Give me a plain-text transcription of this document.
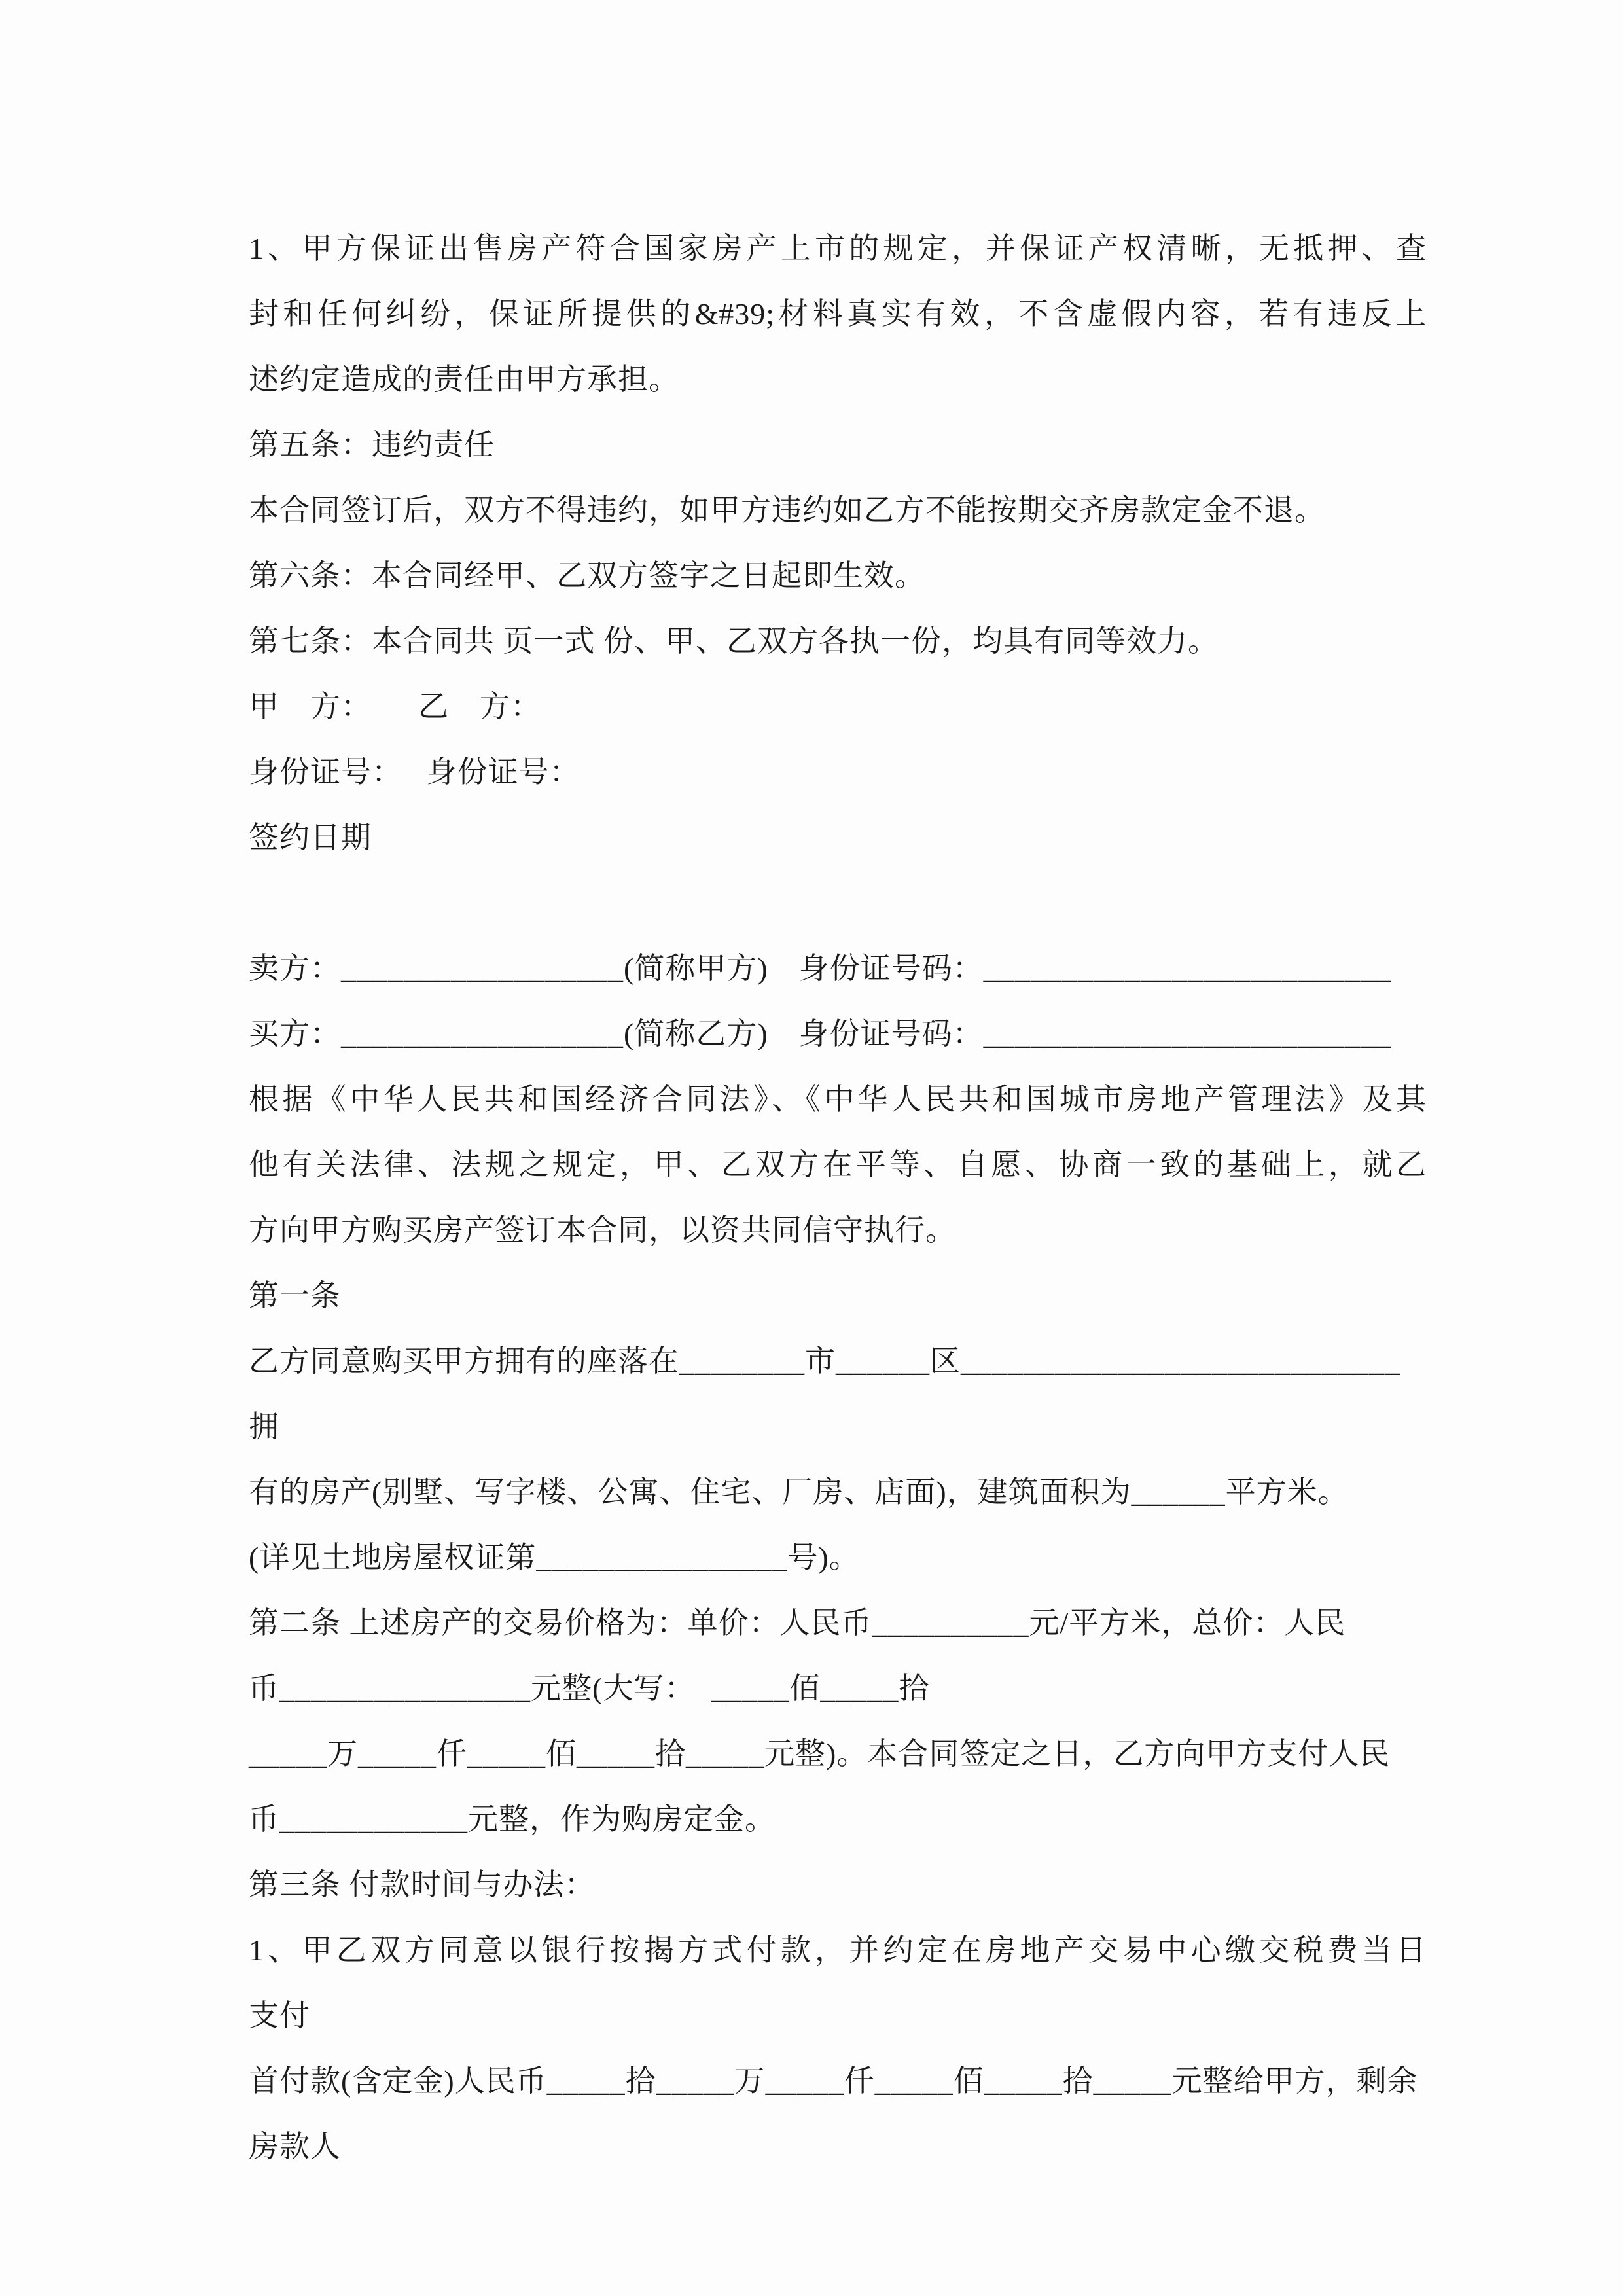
1、甲方保证出售房产符合国家房产上市的规定，并保证产权清晰，无抵押、查

封和任何纠纷，保证所提供的&#39;材料真实有效，不含虚假内容，若有违反上

述约定造成的责任由甲方承担。

第五条：违约责任

本合同签订后，双方不得违约，如甲方违约如乙方不能按期交齐房款定金不退。

第六条：本合同经甲、乙双方签字之日起即生效。

第七条：本合同共 页一式 份、甲、乙双方各执一份，均具有同等效力。

甲　方：　　乙　方：

身份证号：　 身份证号：

签约日期

卖方：__________________(简称甲方)　身份证号码：__________________________

买方：__________________(简称乙方)　身份证号码：__________________________

根据《中华人民共和国经济合同法》、《中华人民共和国城市房地产管理法》及其

他有关法律、法规之规定，甲、乙双方在平等、自愿、协商一致的基础上，就乙

方向甲方购买房产签订本合同，以资共同信守执行。

第一条

乙方同意购买甲方拥有的座落在________市______区____________________________拥

有的房产(别墅、写字楼、公寓、住宅、厂房、店面)，建筑面积为______平方米。

(详见土地房屋权证第________________号)。

第二条 上述房产的交易价格为：单价：人民币__________元/平方米，总价：人民

币________________元整(大写：　_____佰_____拾

_____万_____仟_____佰_____拾_____元整)。本合同签定之日，乙方向甲方支付人民

币____________元整，作为购房定金。

第三条 付款时间与办法：

1、甲乙双方同意以银行按揭方式付款，并约定在房地产交易中心缴交税费当日

支付

首付款(含定金)人民币_____拾_____万_____仟_____佰_____拾_____元整给甲方，剩余

房款人
